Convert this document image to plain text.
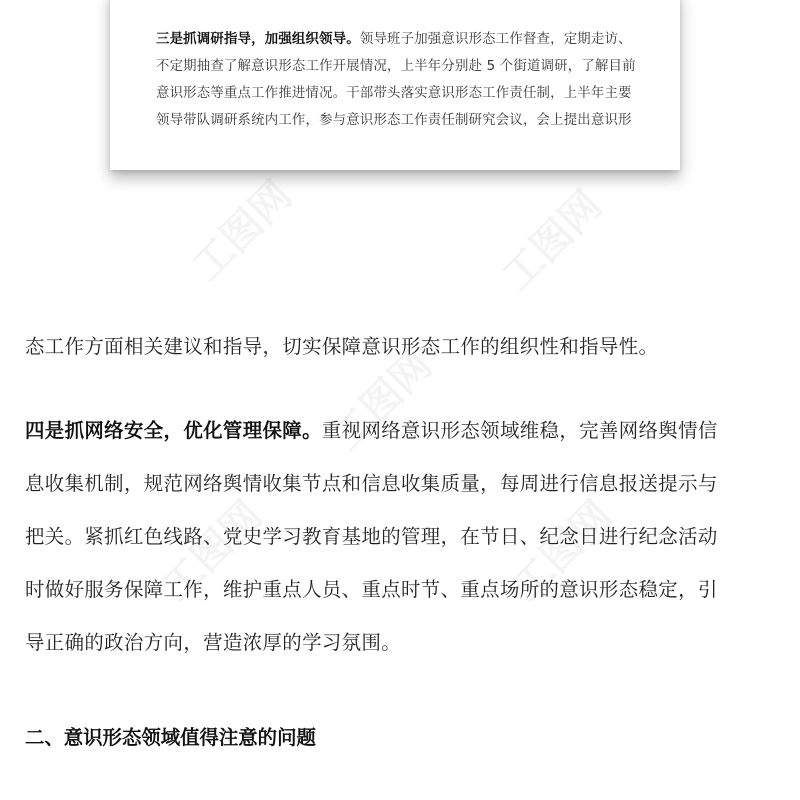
工图网	工图网
工图网
工图网	工图网

三是抓调研指导，加强组织领导。领导班子加强意识形态工作督查，定期走访、

不定期抽查了解意识形态工作开展情况，上半年分别赴 5 个街道调研，了解目前

意识形态等重点工作推进情况。干部带头落实意识形态工作责任制，上半年主要

领导带队调研系统内工作，参与意识形态工作责任制研究会议，会上提出意识形

态工作方面相关建议和指导，切实保障意识形态工作的组织性和指导性。
四是抓网络安全，优化管理保障。重视网络意识形态领域维稳，完善网络舆情信
息收集机制，规范网络舆情收集节点和信息收集质量，每周进行信息报送提示与
把关。紧抓红色线路、党史学习教育基地的管理，在节日、纪念日进行纪念活动
时做好服务保障工作，维护重点人员、重点时节、重点场所的意识形态稳定，引
导正确的政治方向，营造浓厚的学习氛围。
二、意识形态领域值得注意的问题
